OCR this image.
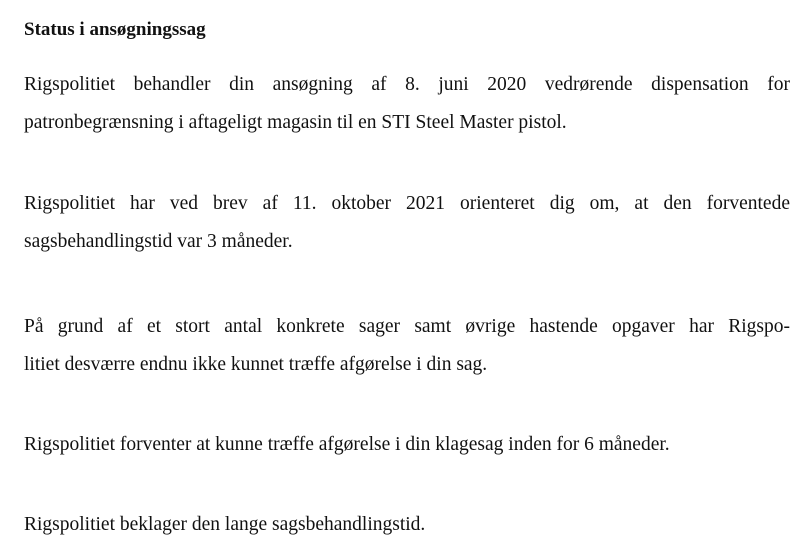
Status i ansøgningssag

Rigspolitiet behandler din ansøgning af 8. juni 2020 vedrørende dispensation for
patronbegrænsning i aftageligt magasin til en STI Steel Master pistol.

Rigspolitiet har ved brev af 11. oktober 2021 orienteret dig om, at den forventede
sagsbehandlingstid var 3 måneder.

På grund af et stort antal konkrete sager samt øvrige hastende opgaver har Rigspo-
litiet desværre endnu ikke kunnet træffe afgørelse i din sag.

Rigspolitiet forventer at kunne træffe afgørelse i din klagesag inden for 6 måneder.

Rigspolitiet beklager den lange sagsbehandlingstid.
